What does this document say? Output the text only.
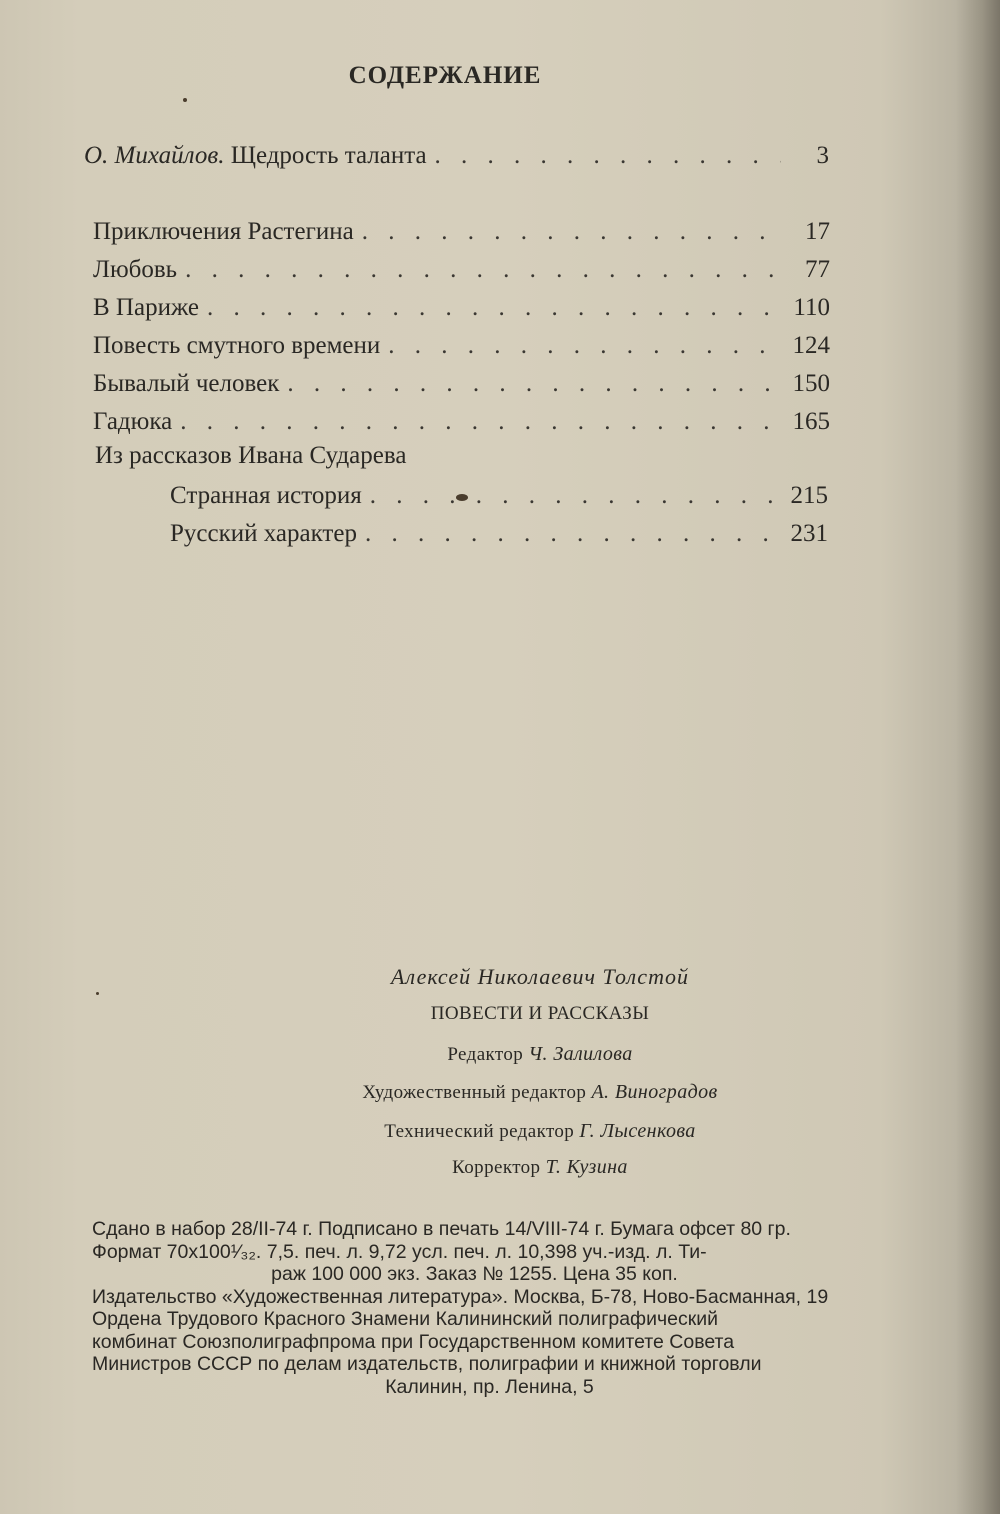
СОДЕРЖАНИЕ
О. Михайлов. Щедрость таланта . . .	3
Приключения Растегина . . .	17
Любовь . . .	77
В Париже . . .	110
Повесть смутного времени . . .	124
Бывалый человек . . .	150
Гадюка . . .	165
Из рассказов Ивана Сударева
Странная история . . .	215
Русский характер . . .	231
Алексей Николаевич Толстой
ПОВЕСТИ И РАССКАЗЫ
Редактор Ч. Залилова
Художественный редактор А. Виноградов
Технический редактор Г. Лысенкова
Корректор Т. Кузина
Сдано в набор 28/II-74 г. Подписано в печать 14/VIII-74 г. Бумага офсет 80 гр.
Формат 70х100¹⁄₃₂. 7,5. печ. л. 9,72 усл. печ. л. 10,398 уч.-изд. л. Ти-
раж 100 000 экз. Заказ № 1255. Цена 35 коп.
Издательство «Художественная литература». Москва, Б-78, Ново-Басманная, 19
Ордена Трудового Красного Знамени Калининский полиграфический
комбинат Союзполиграфпрома при Государственном комитете Совета
Министров СССР по делам издательств, полиграфии и книжной торговли
Калинин, пр. Ленина, 5
